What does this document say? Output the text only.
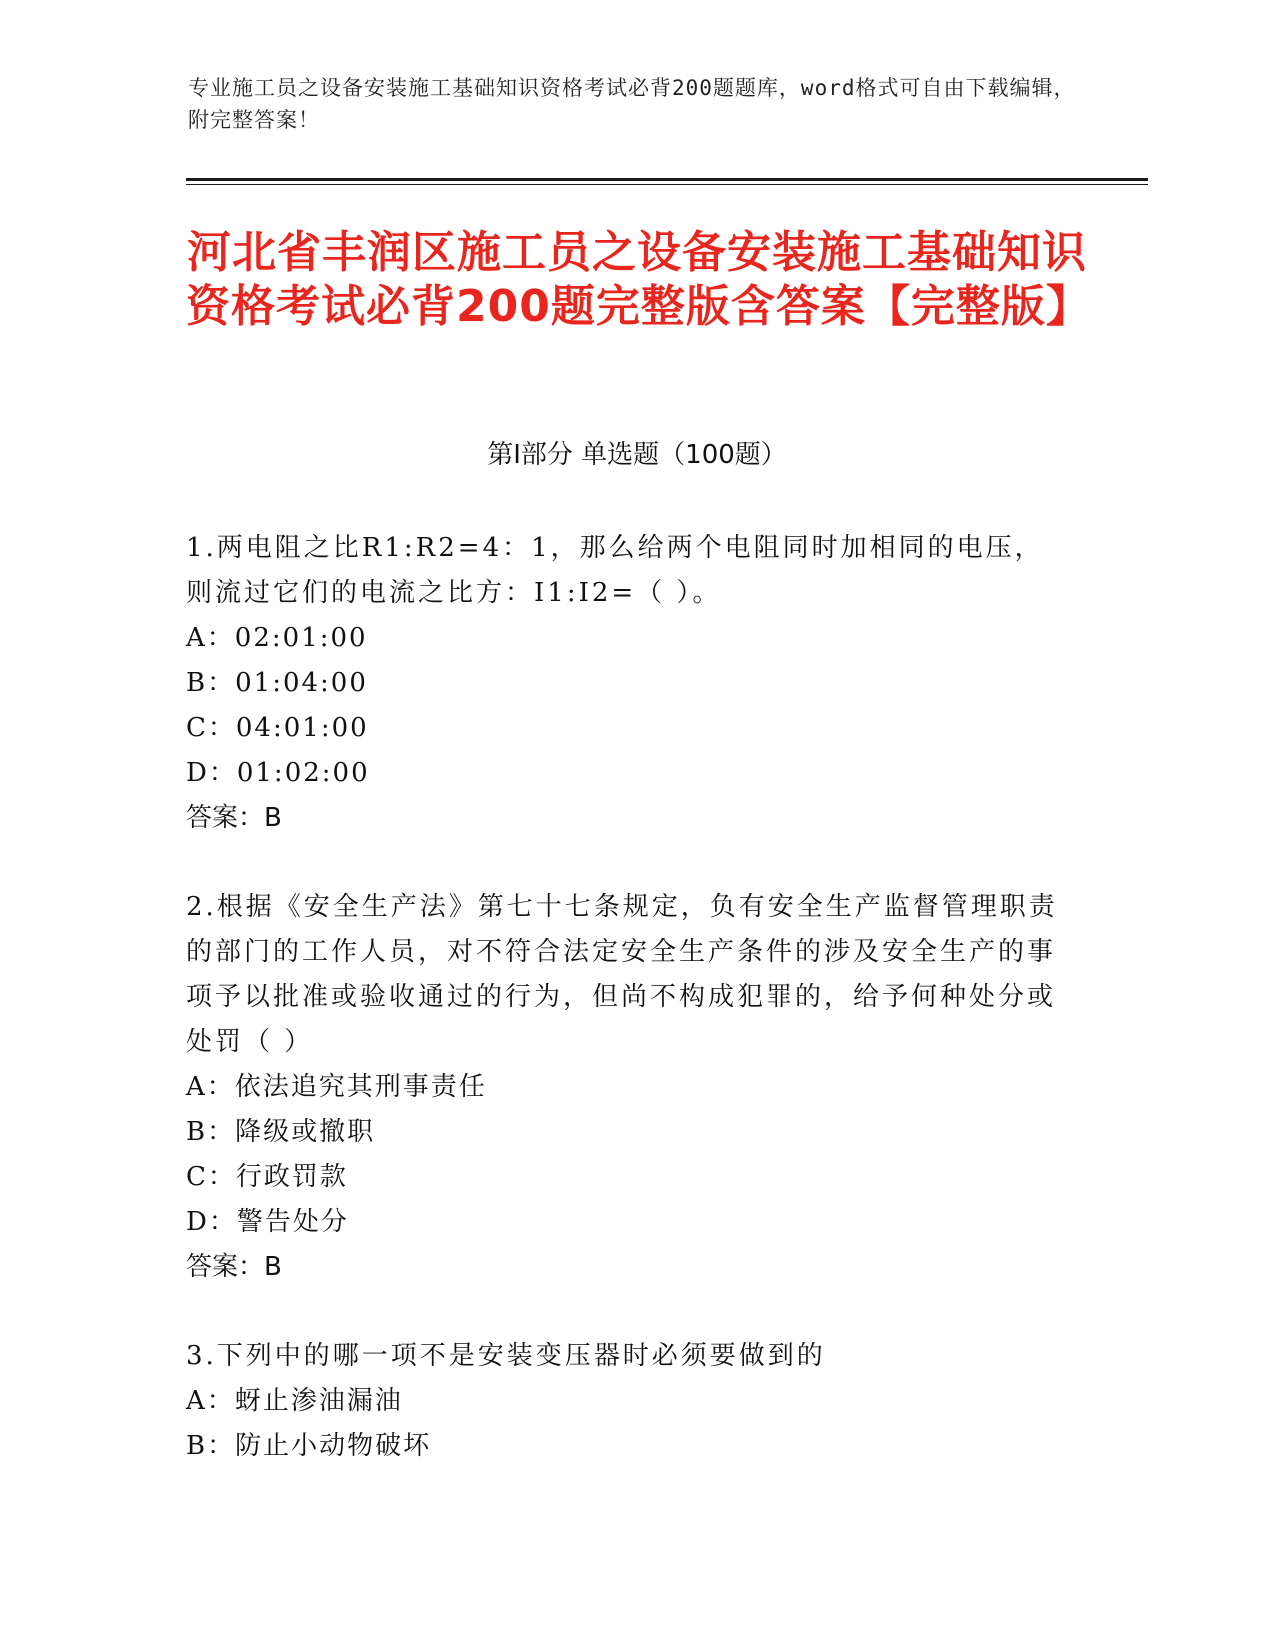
专业施工员之设备安装施工基础知识资格考试必背200题题库，word格式可自由下载编辑，附完整答案！
河北省丰润区施工员之设备安装施工基础知识资格考试必背200题完整版含答案【完整版】
第Ⅰ部分 单选题（100题）

1.两电阻之比R1:R2=4：1，那么给两个电阻同时加相同的电压，则流过它们的电流之比方：I1:I2=（ ）。

A：02:01:00

B：01:04:00

C：04:01:00

D：01:02:00

答案：B

2.根据《安全生产法》第七十七条规定，负有安全生产监督管理职责的部门的工作人员，对不符合法定安全生产条件的涉及安全生产的事项予以批准或验收通过的行为，但尚不构成犯罪的，给予何种处分或处罚（ ）

A：依法追究其刑事责任

B：降级或撤职

C：行政罚款

D：警告处分

答案：B

3.下列中的哪一项不是安装变压器时必须要做到的

A：蚜止渗油漏油

B：防止小动物破坏
